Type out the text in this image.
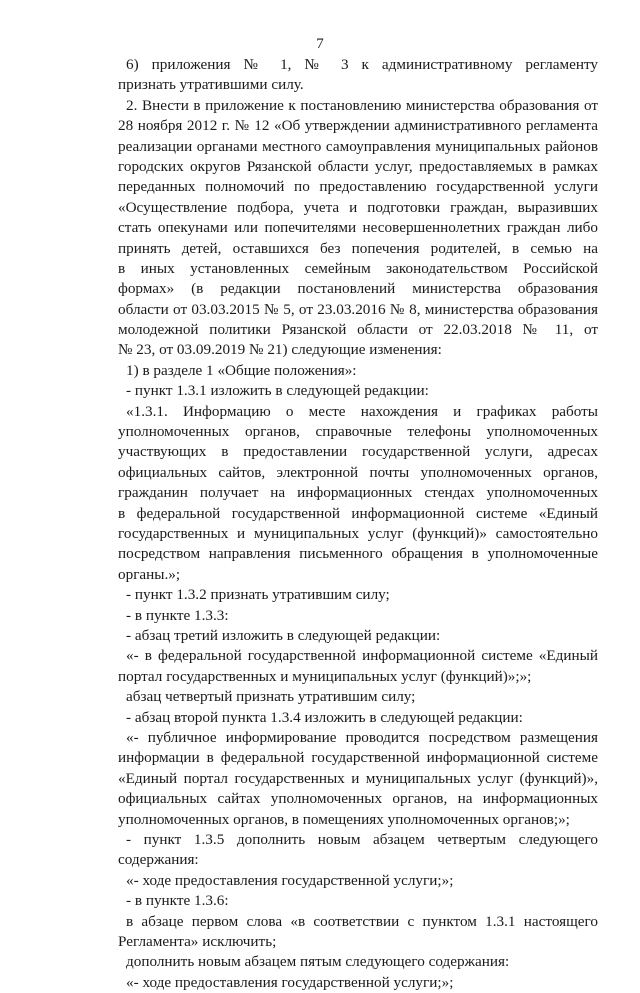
7
6) приложения № 1, № 3 к административному регламенту
признать утратившими силу.
2. Внести в приложение к постановлению министерства образования от
28 ноября 2012 г. № 12 «Об утверждении административного регламента
реализации органами местного самоуправления муниципальных районов
городских округов Рязанской области услуг, предоставляемых в рамках
переданных полномочий по предоставлению государственной услуги
«Осуществление подбора, учета и подготовки граждан, выразивших
стать опекунами или попечителями несовершеннолетних граждан либо
принять детей, оставшихся без попечения родителей, в семью на
в иных установленных семейным законодательством Российской
формах» (в редакции постановлений министерства образования
области от 03.03.2015 № 5, от 23.03.2016 № 8, министерства образования
молодежной политики Рязанской области от 22.03.2018 № 11, от
№ 23, от 03.09.2019 № 21) следующие изменения:
1) в разделе 1 «Общие положения»:
- пункт 1.3.1 изложить в следующей редакции:
«1.3.1. Информацию о месте нахождения и графиках работы
уполномоченных органов, справочные телефоны уполномоченных
участвующих в предоставлении государственной услуги, адресах
официальных сайтов, электронной почты уполномоченных органов,
гражданин получает на информационных стендах уполномоченных
в федеральной государственной информационной системе «Единый
государственных и муниципальных услуг (функций)» самостоятельно
посредством направления письменного обращения в уполномоченные
органы.»;
- пункт 1.3.2 признать утратившим силу;
- в пункте 1.3.3:
- абзац третий изложить в следующей редакции:
«- в федеральной государственной информационной системе «Единый
портал государственных и муниципальных услуг (функций)»;»;
абзац четвертый признать утратившим силу;
- абзац второй пункта 1.3.4 изложить в следующей редакции:
«- публичное информирование проводится посредством размещения
информации в федеральной государственной информационной системе
«Единый портал государственных и муниципальных услуг (функций)»,
официальных сайтах уполномоченных органов, на информационных
уполномоченных органов, в помещениях уполномоченных органов;»;
- пункт 1.3.5 дополнить новым абзацем четвертым следующего
содержания:
«- ходе предоставления государственной услуги;»;
- в пункте 1.3.6:
в абзаце первом слова «в соответствии с пунктом 1.3.1 настоящего
Регламента» исключить;
дополнить новым абзацем пятым следующего содержания:
«- ходе предоставления государственной услуги;»;
